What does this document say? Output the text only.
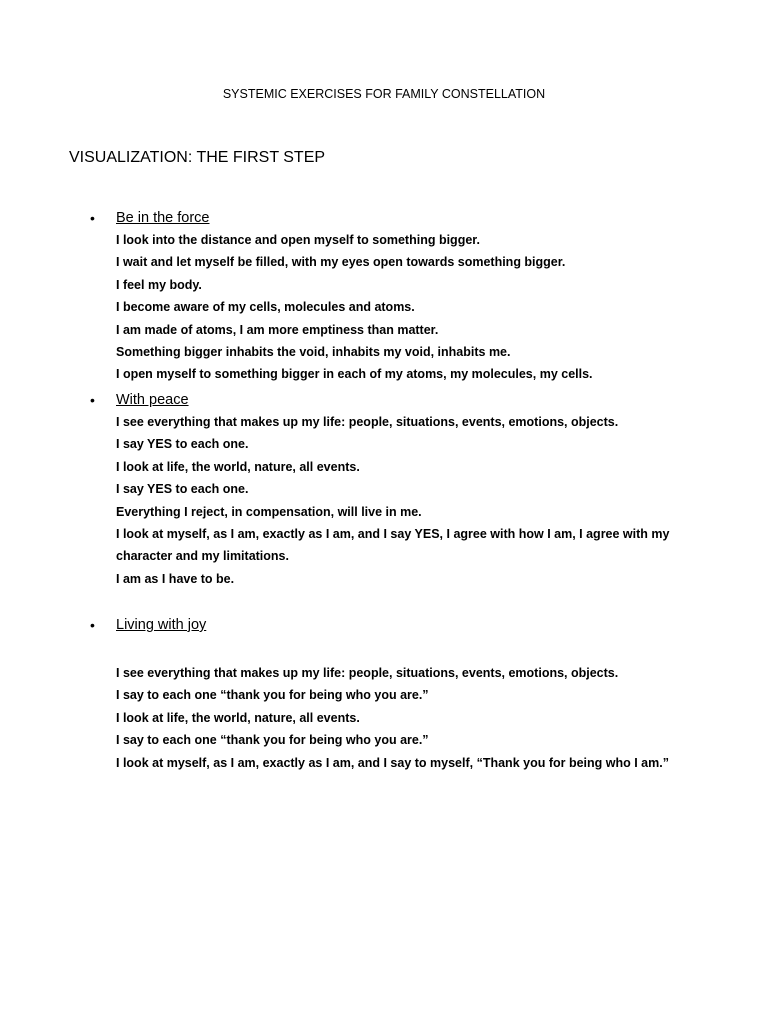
SYSTEMIC EXERCISES FOR FAMILY CONSTELLATION
VISUALIZATION: THE FIRST STEP
• Be in the force
I look into the distance and open myself to something bigger.
I wait and let myself be filled, with my eyes open towards something bigger.
I feel my body.
I become aware of my cells, molecules and atoms.
I am made of atoms, I am more emptiness than matter.
Something bigger inhabits the void, inhabits my void, inhabits me.
I open myself to something bigger in each of my atoms, my molecules, my cells.
• With peace
I see everything that makes up my life: people, situations, events, emotions, objects.
I say YES to each one.
I look at life, the world, nature, all events.
I say YES to each one.
Everything I reject, in compensation, will live in me.
I look at myself, as I am, exactly as I am, and I say YES, I agree with how I am, I agree with my character and my limitations.
I am as I have to be.
• Living with joy
I see everything that makes up my life: people, situations, events, emotions, objects.
I say to each one “thank you for being who you are.”
I look at life, the world, nature, all events.
I say to each one “thank you for being who you are.”
I look at myself, as I am, exactly as I am, and I say to myself, “Thank you for being who I am.”
